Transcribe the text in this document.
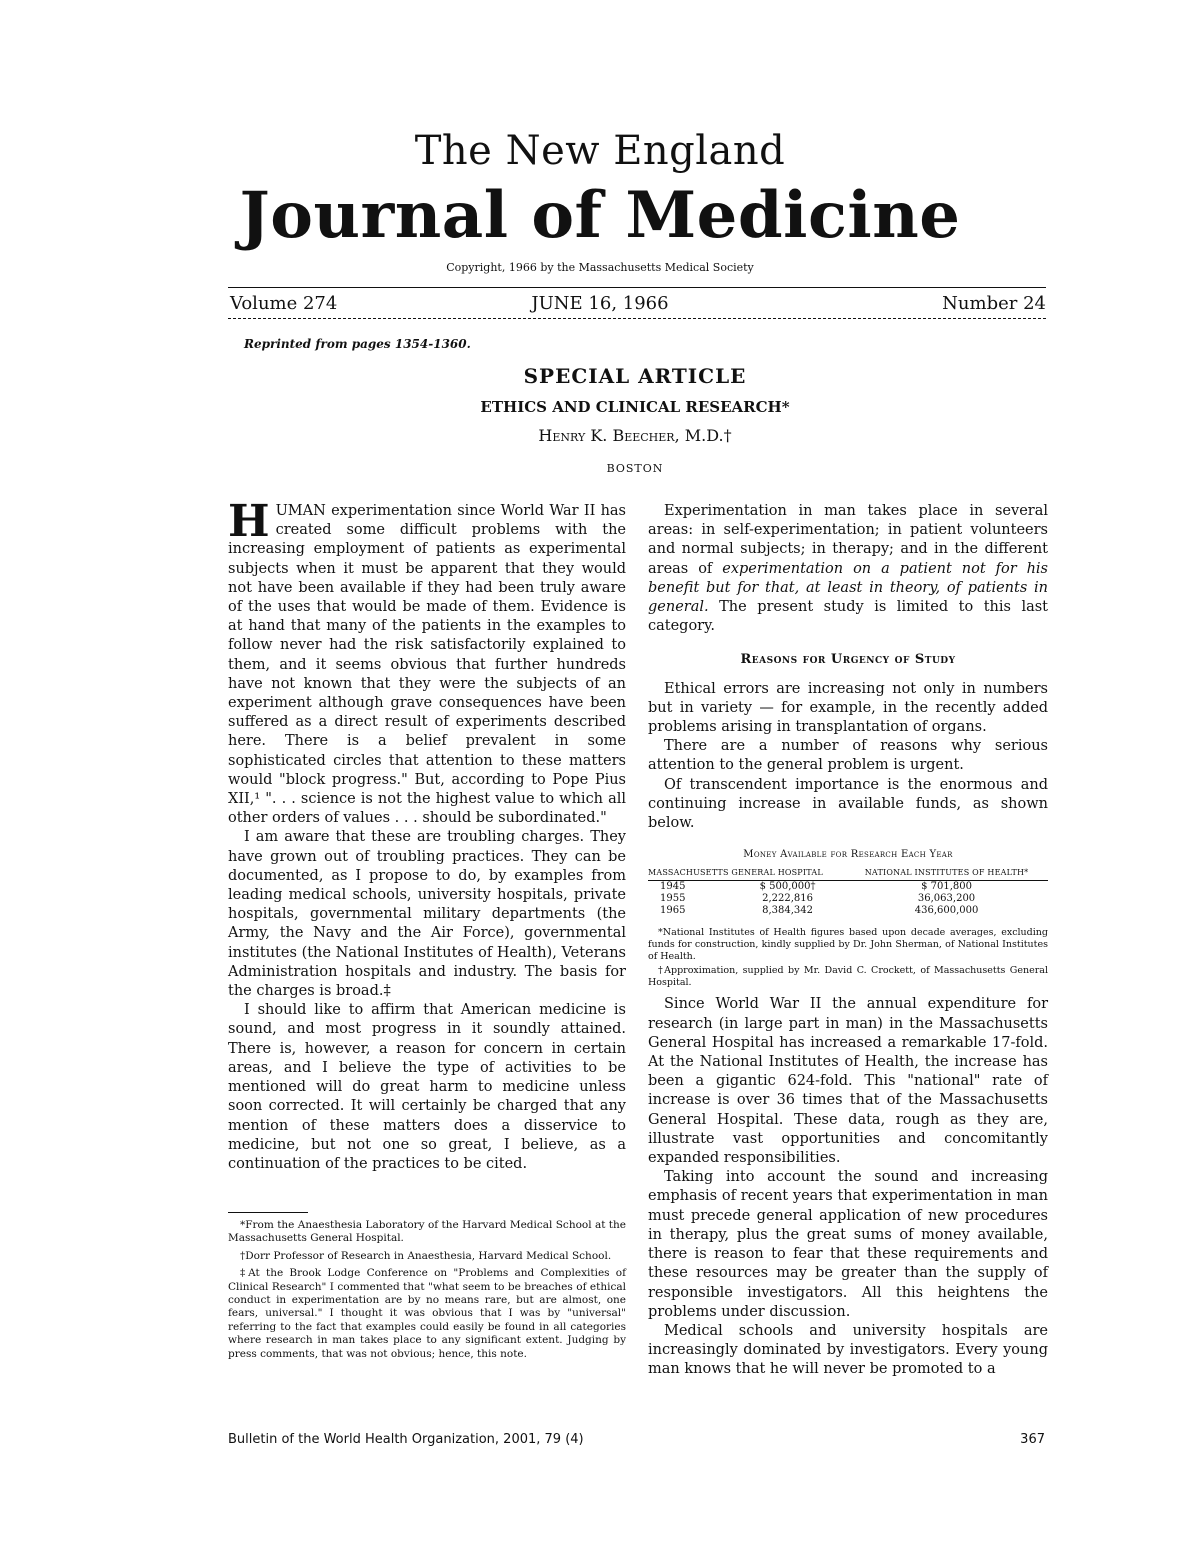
The New England
Journal of Medicine
Copyright, 1966 by the Massachusetts Medical Society
Volume 274	JUNE 16, 1966	Number 24
Reprinted from pages 1354-1360.
SPECIAL ARTICLE
ETHICS AND CLINICAL RESEARCH*
Henry K. Beecher, M.D.†
BOSTON

HUMAN experimentation since World War II has created some difficult problems with the increasing employment of patients as experimental subjects when it must be apparent that they would not have been available if they had been truly aware of the uses that would be made of them. Evidence is at hand that many of the patients in the examples to follow never had the risk satisfactorily explained to them, and it seems obvious that further hundreds have not known that they were the subjects of an experiment although grave consequences have been suffered as a direct result of experiments described here. There is a belief prevalent in some sophisticated circles that attention to these matters would "block progress." But, according to Pope Pius XII,¹ ". . . science is not the highest value to which all other orders of values . . . should be subordinated."

I am aware that these are troubling charges. They have grown out of troubling practices. They can be documented, as I propose to do, by examples from leading medical schools, university hospitals, private hospitals, governmental military departments (the Army, the Navy and the Air Force), governmental institutes (the National Institutes of Health), Veterans Administration hospitals and industry. The basis for the charges is broad.‡

I should like to affirm that American medicine is sound, and most progress in it soundly attained. There is, however, a reason for concern in certain areas, and I believe the type of activities to be mentioned will do great harm to medicine unless soon corrected. It will certainly be charged that any mention of these matters does a disservice to medicine, but not one so great, I believe, as a continuation of the practices to be cited.

*From the Anaesthesia Laboratory of the Harvard Medical School at the Massachusetts General Hospital.

†Dorr Professor of Research in Anaesthesia, Harvard Medical School.

‡At the Brook Lodge Conference on "Problems and Complexities of Clinical Research" I commented that "what seem to be breaches of ethical conduct in experimentation are by no means rare, but are almost, one fears, universal." I thought it was obvious that I was by "universal" referring to the fact that examples could easily be found in all categories where research in man takes place to any significant extent. Judging by press comments, that was not obvious; hence, this note.

Experimentation in man takes place in several areas: in self-experimentation; in patient volunteers and normal subjects; in therapy; and in the different areas of experimentation on a patient not for his benefit but for that, at least in theory, of patients in general. The present study is limited to this last category.

Reasons for Urgency of Study

Ethical errors are increasing not only in numbers but in variety — for example, in the recently added problems arising in transplantation of organs.

There are a number of reasons why serious attention to the general problem is urgent.

Of transcendent importance is the enormous and continuing increase in available funds, as shown below.

Money Available for Research Each Year
MASSACHUSETTS GENERAL HOSPITAL		NATIONAL INSTITUTES OF HEALTH*
1945	$ 500,000†	$ 701,800
1955	2,222,816	36,063,200
1965	8,384,342	436,600,000

*National Institutes of Health figures based upon decade averages, excluding funds for construction, kindly supplied by Dr. John Sherman, of National Institutes of Health.

†Approximation, supplied by Mr. David C. Crockett, of Massachusetts General Hospital.

Since World War II the annual expenditure for research (in large part in man) in the Massachusetts General Hospital has increased a remarkable 17-fold. At the National Institutes of Health, the increase has been a gigantic 624-fold. This "national" rate of increase is over 36 times that of the Massachusetts General Hospital. These data, rough as they are, illustrate vast opportunities and concomitantly expanded responsibilities.

Taking into account the sound and increasing emphasis of recent years that experimentation in man must precede general application of new procedures in therapy, plus the great sums of money available, there is reason to fear that these requirements and these resources may be greater than the supply of responsible investigators. All this heightens the problems under discussion.

Medical schools and university hospitals are increasingly dominated by investigators. Every young man knows that he will never be promoted to a

Bulletin of the World Health Organization, 2001, 79 (4)	367
